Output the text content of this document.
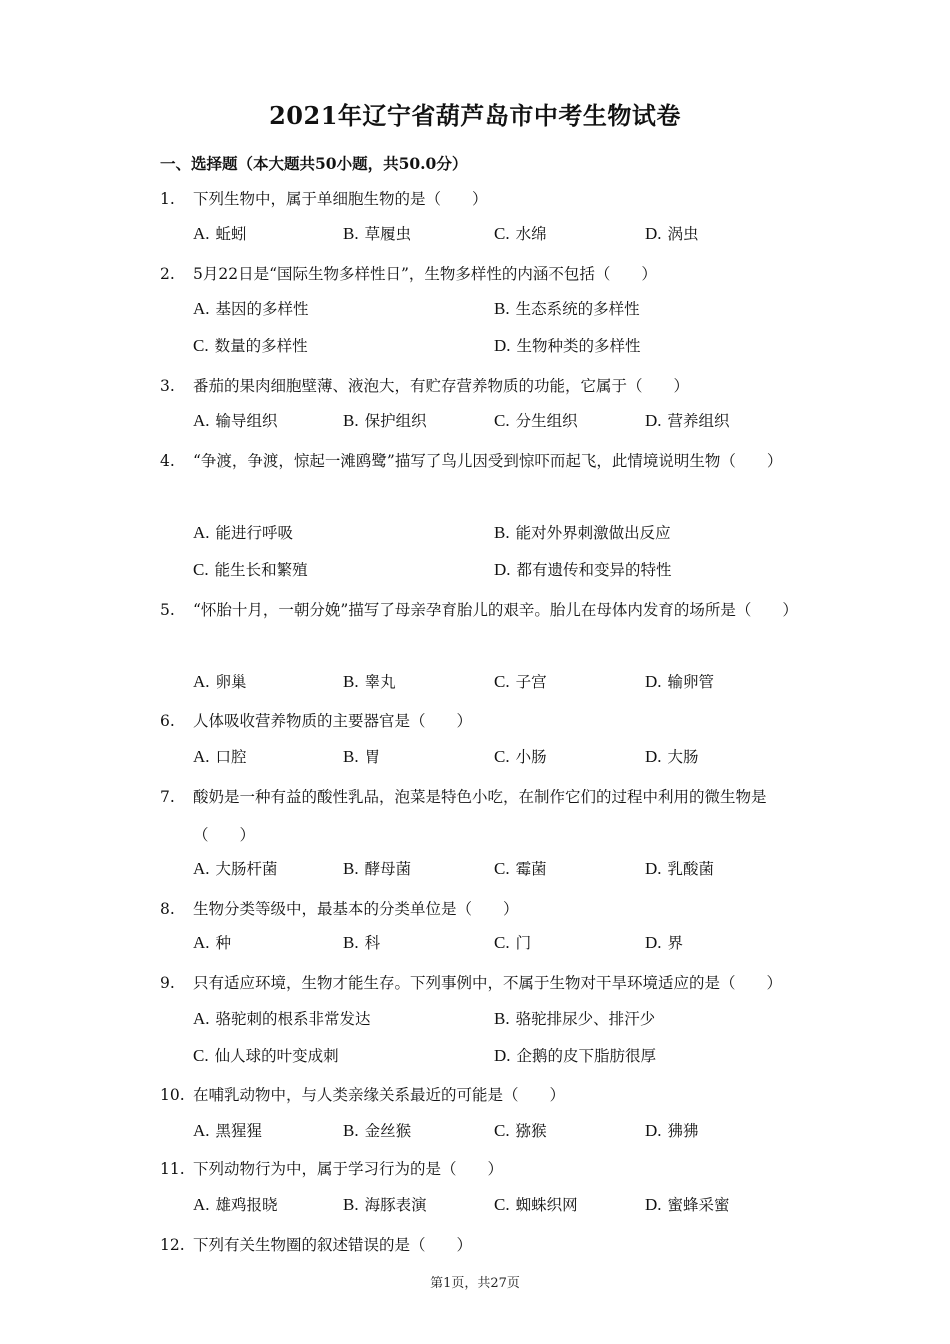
2021年辽宁省葫芦岛市中考生物试卷
一、选择题（本大题共50小题，共50.0分）
1. 下列生物中，属于单细胞生物的是（　　）
A. 蚯蚓	B. 草履虫	C. 水绵	D. 涡虫
2. 5月22日是“国际生物多样性日”，生物多样性的内涵不包括（　　）
A. 基因的多样性	B. 生态系统的多样性
C. 数量的多样性	D. 生物种类的多样性
3. 番茄的果肉细胞壁薄、液泡大，有贮存营养物质的功能，它属于（　　）
A. 输导组织	B. 保护组织	C. 分生组织	D. 营养组织
4. “争渡，争渡，惊起一滩鸥鹭”描写了鸟儿因受到惊吓而起飞，此情境说明生物（　　）
A. 能进行呼吸	B. 能对外界刺激做出反应
C. 能生长和繁殖	D. 都有遗传和变异的特性
5. “怀胎十月，一朝分娩”描写了母亲孕育胎儿的艰辛。胎儿在母体内发育的场所是（　　）
A. 卵巢	B. 睾丸	C. 子宫	D. 输卵管
6. 人体吸收营养物质的主要器官是（　　）
A. 口腔	B. 胃	C. 小肠	D. 大肠
7. 酸奶是一种有益的酸性乳品，泡菜是特色小吃，在制作它们的过程中利用的微生物是（　　）
A. 大肠杆菌	B. 酵母菌	C. 霉菌	D. 乳酸菌
8. 生物分类等级中，最基本的分类单位是（　　）
A. 种	B. 科	C. 门	D. 界
9. 只有适应环境，生物才能生存。下列事例中，不属于生物对干旱环境适应的是（　　）
A. 骆驼刺的根系非常发达	B. 骆驼排尿少、排汗少
C. 仙人球的叶变成刺	D. 企鹅的皮下脂肪很厚
10. 在哺乳动物中，与人类亲缘关系最近的可能是（　　）
A. 黑猩猩	B. 金丝猴	C. 猕猴	D. 狒狒
11. 下列动物行为中，属于学习行为的是（　　）
A. 雄鸡报晓	B. 海豚表演	C. 蜘蛛织网	D. 蜜蜂采蜜
12. 下列有关生物圈的叙述错误的是（　　）
第1页，共27页
